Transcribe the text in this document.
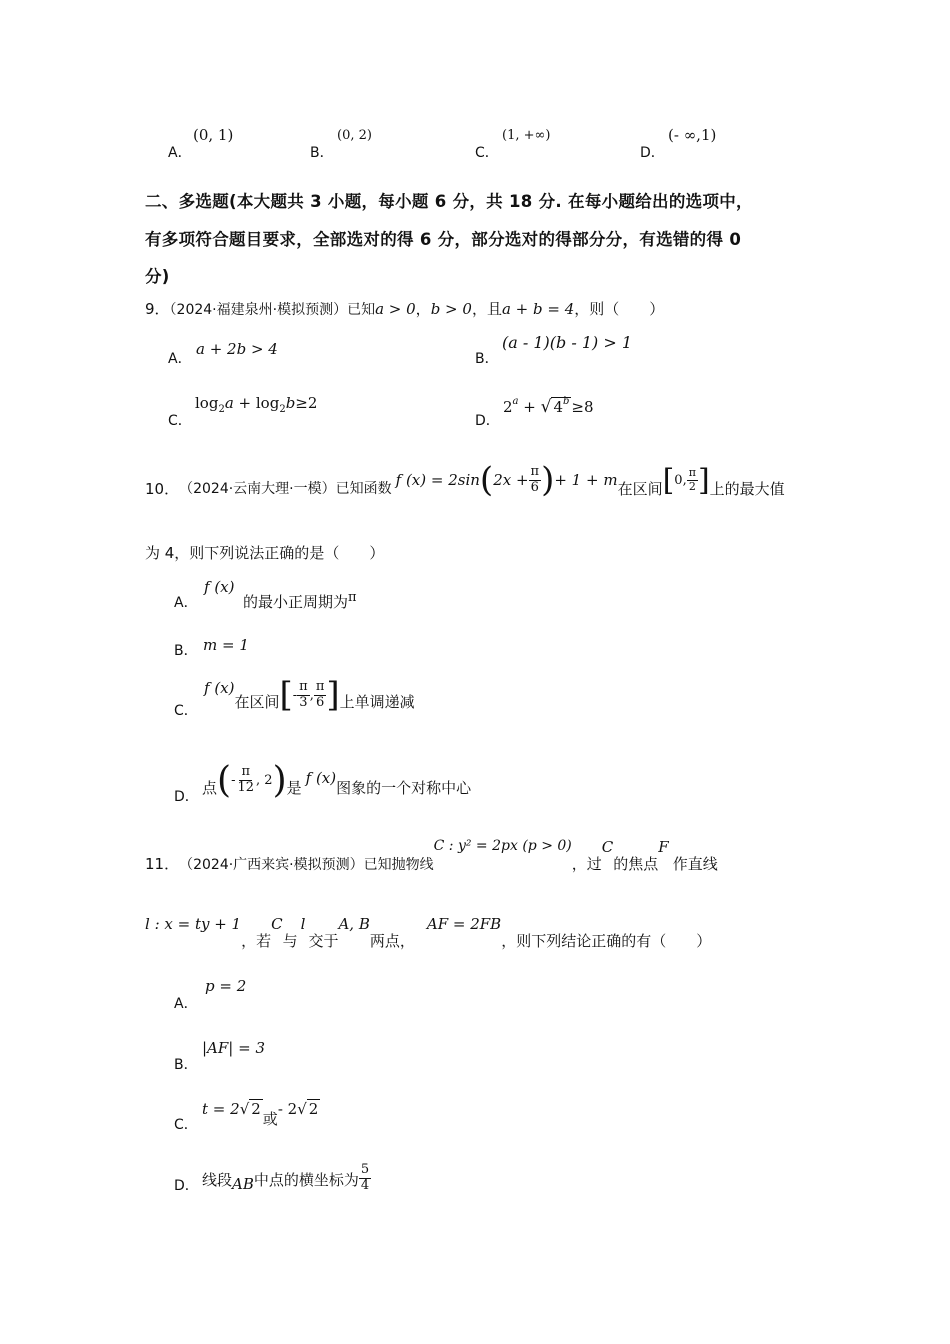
A．
(0, 1)
B．
(0, 2)
C．
(1, +∞)
D．
(- ∞,1)
二、多选题(本大题共 3 小题，每小题 6 分，共 18 分. 在每小题给出的选项中，
有多项符合题目要求，全部选对的得 6 分，部分选对的得部分分，有选错的得 0
分)
9．（2024·福建泉州·模拟预测）已知a > 0，b > 0，且a + b = 4，则（　　）
A．
a + 2b > 4
B．
(a - 1)(b - 1) > 1
C．
$\log_2a + \log_2b\ge 2$
D．
$2^a$ + √ $4^b \ge 8$
10． （2024·云南大理·一模）已知函数 f (x) = 2sin ( $2x + \frac{\pi}{6}$ ) + 1 + m 在区间 [ 0, $\frac{\pi}{2}$ ] 上的最大值
为 4，则下列说法正确的是（　　）
A．
f (x)
的最小正周期为π
B． m = 1
C．
f (x)
在区间 [ - $\frac{\pi}{3}$ , $\frac{\pi}{6}$ ] 上单调递减
D．
点 ( - $\frac{\pi}{12}$ , 2 ) 是
f (x)
图象的一个对称中心
11． （2024·广西来宾·模拟预测）已知抛物线
C : y² = 2px (p > 0)
，过
C
的焦点
F
作直线
l : x = ty + 1
，若
C
与
l
交于
A, B
两点，
AF = 2FB
，则下列结论正确的有（　　）
A．
p = 2
B．
|AF| = 3
C．
t = 2√ 2或- 2√ 2
D． 线段 AB 中点的横坐标为 $\frac{5}{4}$
